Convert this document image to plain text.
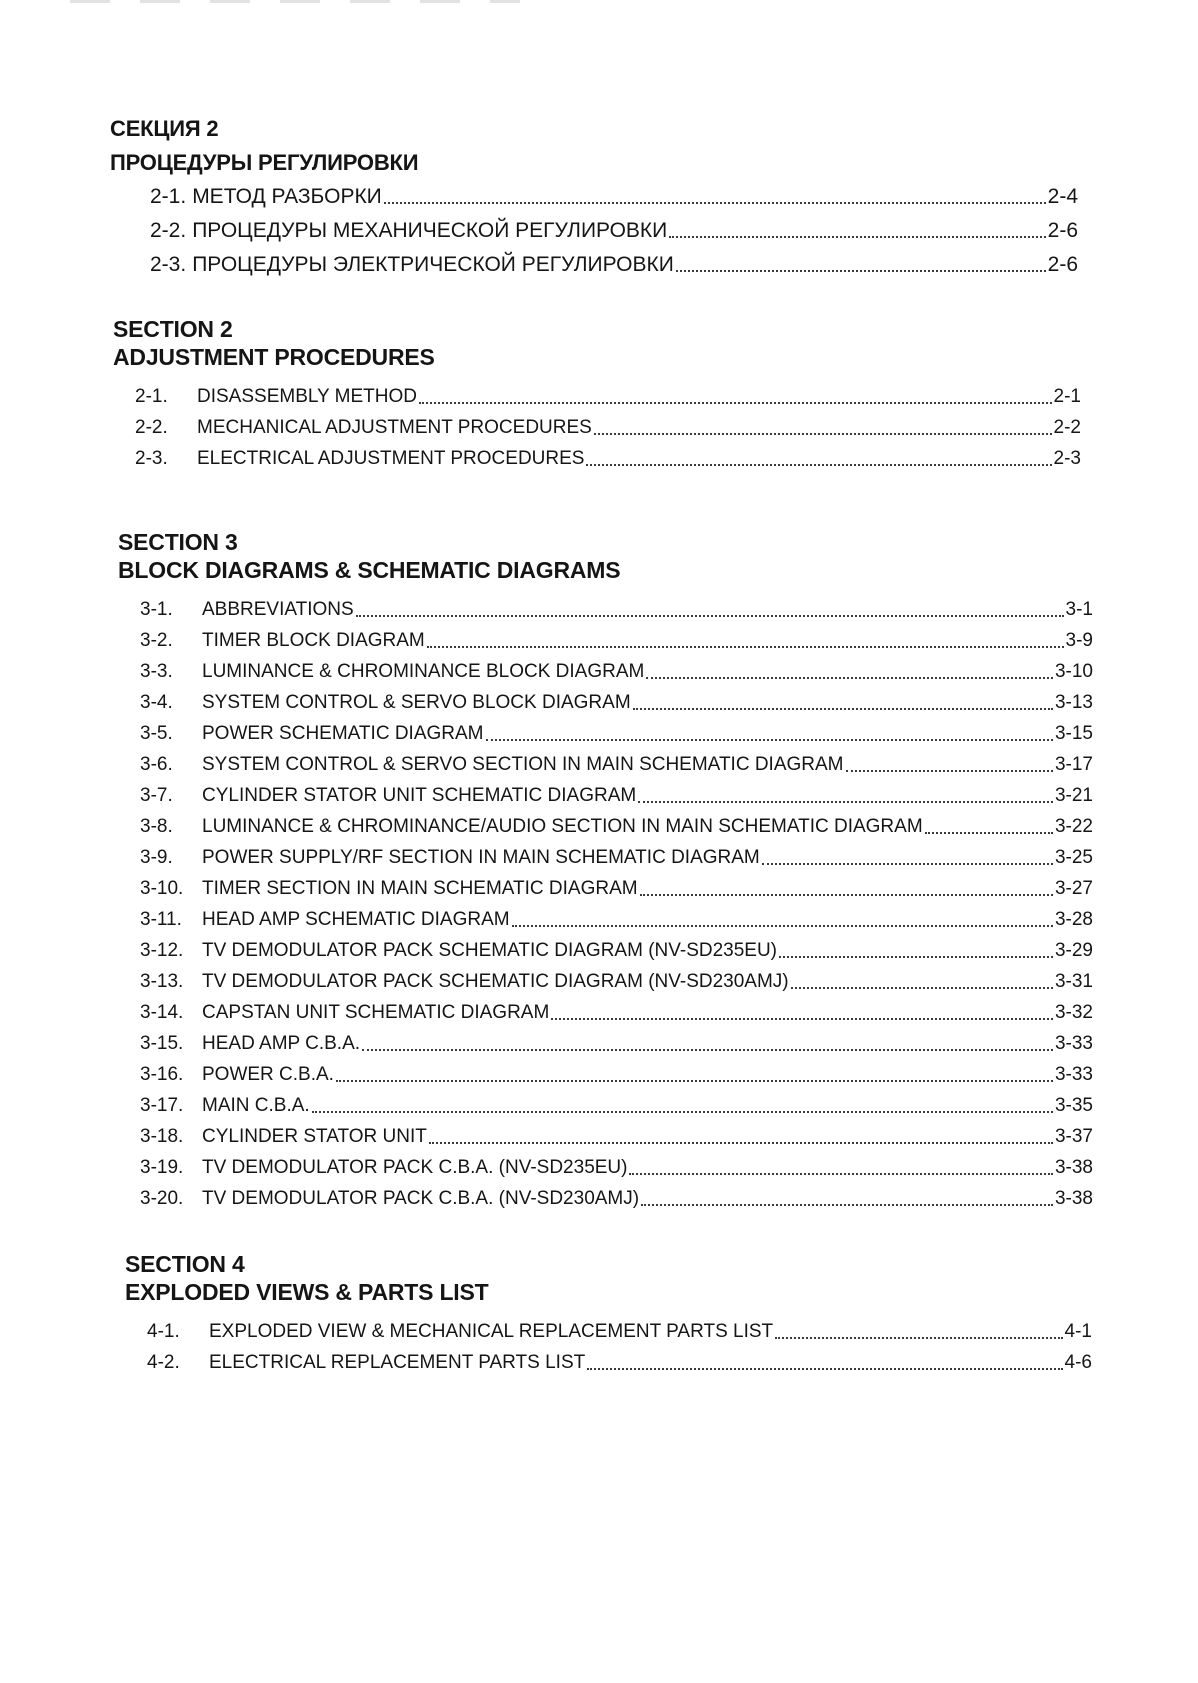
СЕКЦИЯ 2
ПРОЦЕДУРЫ РЕГУЛИРОВКИ
2-1. МЕТОД РАЗБОРКИ	2-4
2-2. ПРОЦЕДУРЫ МЕХАНИЧЕСКОЙ РЕГУЛИРОВКИ	2-6
2-3. ПРОЦЕДУРЫ ЭЛЕКТРИЧЕСКОЙ РЕГУЛИРОВКИ	2-6
SECTION 2
ADJUSTMENT PROCEDURES
2-1.	DISASSEMBLY METHOD	2-1
2-2.	MECHANICAL ADJUSTMENT PROCEDURES	2-2
2-3.	ELECTRICAL ADJUSTMENT PROCEDURES	2-3
SECTION 3
BLOCK DIAGRAMS & SCHEMATIC DIAGRAMS
3-1.	ABBREVIATIONS	3-1
3-2.	TIMER BLOCK DIAGRAM	3-9
3-3.	LUMINANCE & CHROMINANCE BLOCK DIAGRAM	3-10
3-4.	SYSTEM CONTROL & SERVO BLOCK DIAGRAM	3-13
3-5.	POWER SCHEMATIC DIAGRAM	3-15
3-6.	SYSTEM CONTROL & SERVO SECTION IN MAIN SCHEMATIC DIAGRAM	3-17
3-7.	CYLINDER STATOR UNIT SCHEMATIC DIAGRAM	3-21
3-8.	LUMINANCE & CHROMINANCE/AUDIO SECTION IN MAIN SCHEMATIC DIAGRAM	3-22
3-9.	POWER SUPPLY/RF SECTION IN MAIN SCHEMATIC DIAGRAM	3-25
3-10. TIMER SECTION IN MAIN SCHEMATIC DIAGRAM	3-27
3-11.	HEAD AMP SCHEMATIC DIAGRAM	3-28
3-12. TV DEMODULATOR PACK SCHEMATIC DIAGRAM (NV-SD235EU)	3-29
3-13. TV DEMODULATOR PACK SCHEMATIC DIAGRAM (NV-SD230AMJ)	3-31
3-14. CAPSTAN UNIT SCHEMATIC DIAGRAM	3-32
3-15. HEAD AMP C.B.A.	3-33
3-16. POWER C.B.A.	3-33
3-17. MAIN C.B.A.	3-35
3-18. CYLINDER STATOR UNIT	3-37
3-19. TV DEMODULATOR PACK C.B.A. (NV-SD235EU)	3-38
3-20. TV DEMODULATOR PACK C.B.A. (NV-SD230AMJ)	3-38
SECTION 4
EXPLODED VIEWS & PARTS LIST
4-1.	EXPLODED VIEW & MECHANICAL REPLACEMENT PARTS LIST	4-1
4-2.	ELECTRICAL REPLACEMENT PARTS LIST	4-6
